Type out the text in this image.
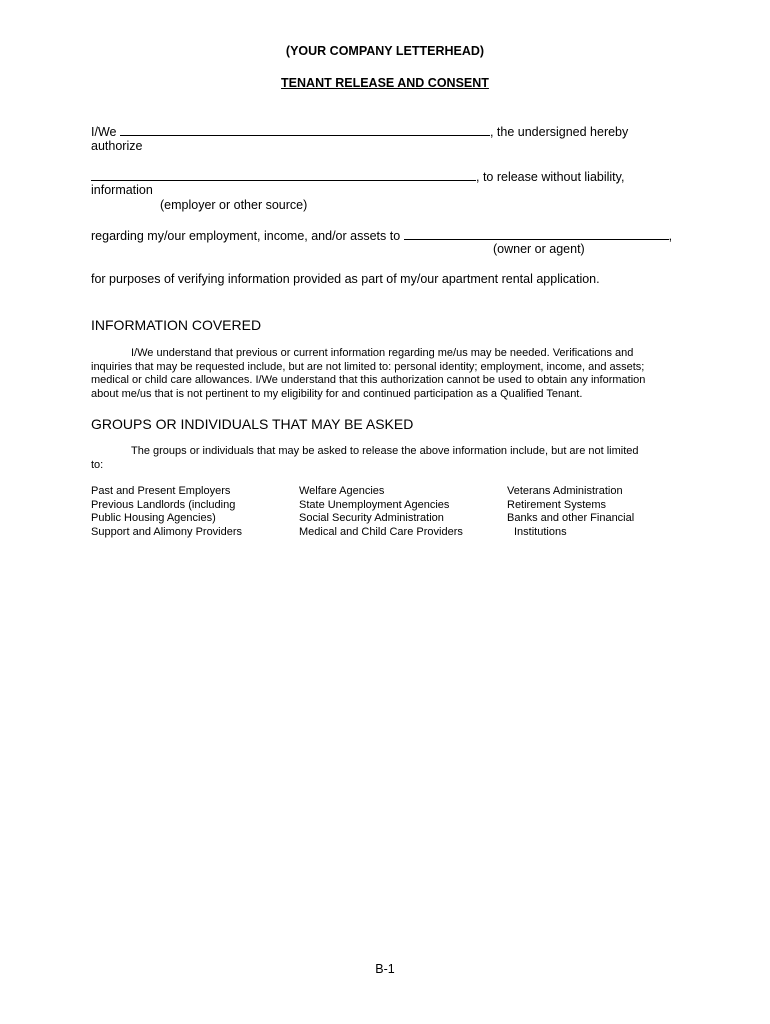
(YOUR COMPANY LETTERHEAD)
TENANT RELEASE AND CONSENT
I/We	, the undersigned hereby
authorize
, to release without liability,
information
(employer or other source)
regarding my/our employment, income, and/or assets to	,
(owner or agent)
for purposes of verifying information provided as part of my/our apartment rental application.
INFORMATION COVERED
I/We understand that previous or current information regarding me/us may be needed. Verifications and
inquiries that may be requested include, but are not limited to: personal identity; employment, income, and assets;
medical or child care allowances. I/We understand that this authorization cannot be used to obtain any information
about me/us that is not pertinent to my eligibility for and continued participation as a Qualified Tenant.
GROUPS OR INDIVIDUALS THAT MAY BE ASKED
The groups or individuals that may be asked to release the above information include, but are not limited
to:
Past and Present Employers
Previous Landlords (including
Public Housing Agencies)
Support and Alimony Providers
Welfare Agencies
State Unemployment Agencies
Social Security Administration
Medical and Child Care Providers
Veterans Administration
Retirement Systems
Banks and other Financial
Institutions
B-1
